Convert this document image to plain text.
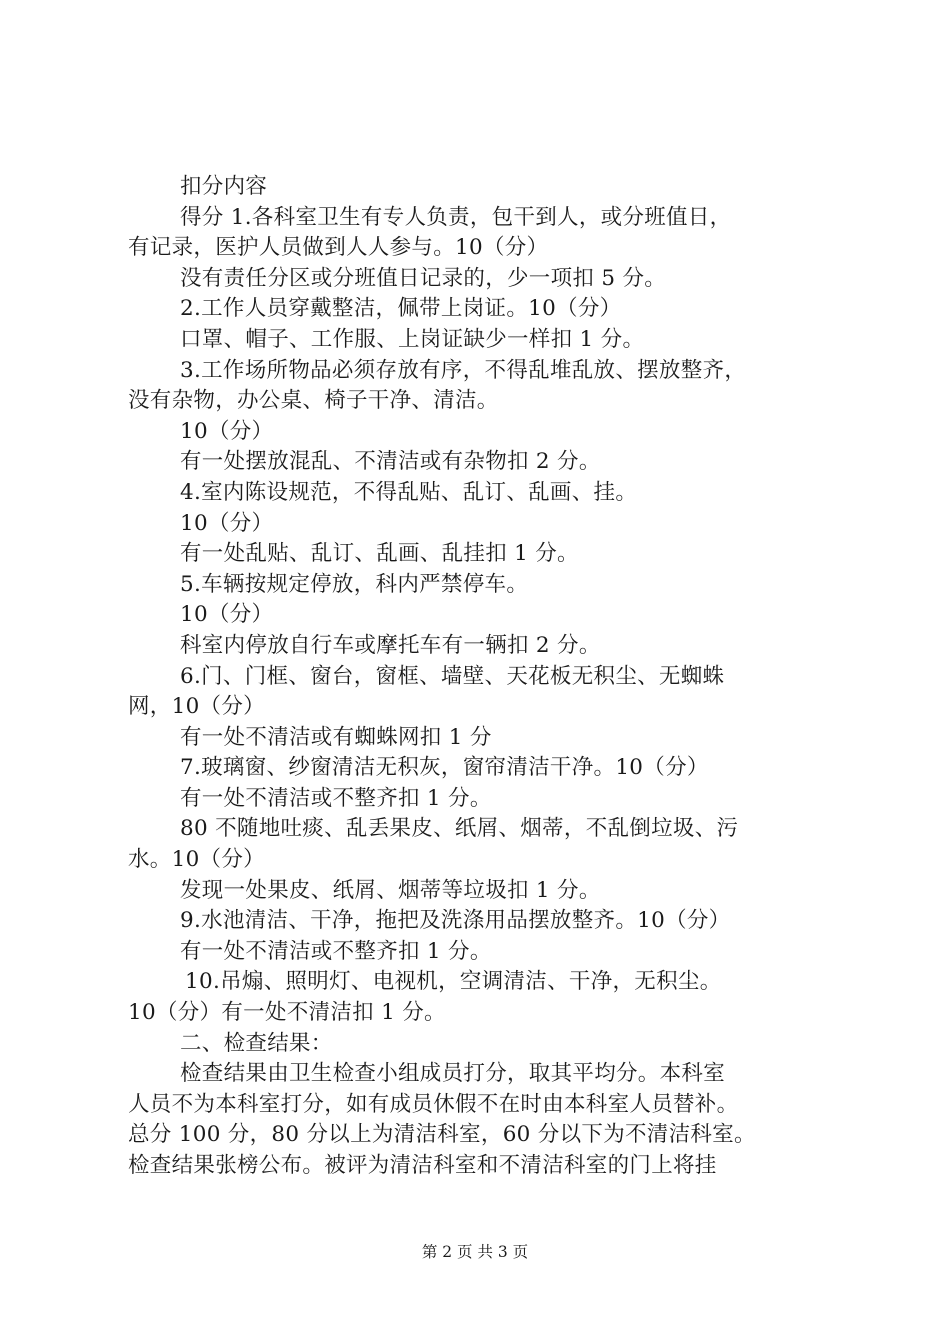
扣分内容
得分 1.各科室卫生有专人负责，包干到人，或分班值日，
有记录，医护人员做到人人参与。10（分）
没有责任分区或分班值日记录的，少一项扣 5 分。
2.工作人员穿戴整洁，佩带上岗证。10（分）
口罩、帽子、工作服、上岗证缺少一样扣 1 分。
3.工作场所物品必须存放有序，不得乱堆乱放、摆放整齐，
没有杂物，办公桌、椅子干净、清洁。
10（分）
有一处摆放混乱、不清洁或有杂物扣 2 分。
4.室内陈设规范，不得乱贴、乱订、乱画、挂。
10（分）
有一处乱贴、乱订、乱画、乱挂扣 1 分。
5.车辆按规定停放，科内严禁停车。
10（分）
科室内停放自行车或摩托车有一辆扣 2 分。
6.门、门框、窗台，窗框、墙壁、天花板无积尘、无蜘蛛
网，10（分）
有一处不清洁或有蜘蛛网扣 1 分
7.玻璃窗、纱窗清洁无积灰，窗帘清洁干净。10（分）
有一处不清洁或不整齐扣 1 分。
80 不随地吐痰、乱丢果皮、纸屑、烟蒂，不乱倒垃圾、污
水。10（分）
发现一处果皮、纸屑、烟蒂等垃圾扣 1 分。
9.水池清洁、干净，拖把及洗涤用品摆放整齐。10（分）
有一处不清洁或不整齐扣 1 分。
10.吊煽、照明灯、电视机，空调清洁、干净，无积尘。
10（分）有一处不清洁扣 1 分。
二、检查结果：
检查结果由卫生检查小组成员打分，取其平均分。本科室
人员不为本科室打分，如有成员休假不在时由本科室人员替补。
总分 100 分，80 分以上为清洁科室，60 分以下为不清洁科室。
检查结果张榜公布。被评为清洁科室和不清洁科室的门上将挂
第 2 页 共 3 页
